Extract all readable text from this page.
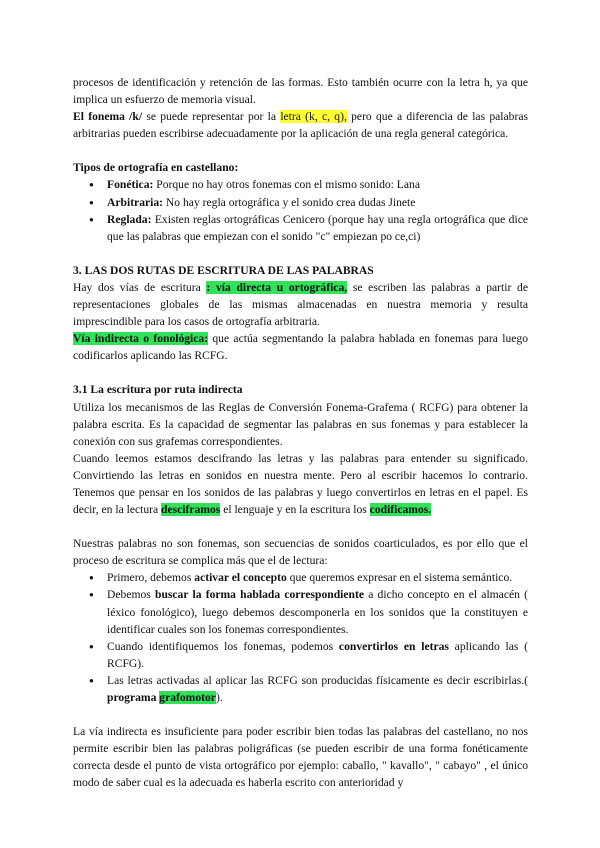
procesos de identificación y retención de las formas. Esto también ocurre con la letra h, ya que implica un esfuerzo de memoria visual.

El fonema /k/ se puede representar por la letra (k, c, q), pero que a diferencia de las palabras arbitrarias pueden escribirse adecuadamente por la aplicación de una regla general categórica.

Tipos de ortografía en castellano:

● Fonética: Porque no hay otros fonemas con el mismo sonido: Lana
● Arbitraria: No hay regla ortográfica y el sonido crea dudas Jinete
● Reglada: Existen reglas ortográficas Cenicero (porque hay una regla ortográfica que dice que las palabras que empiezan con el sonido "c" empiezan po ce,ci)

3. LAS DOS RUTAS DE ESCRITURA DE LAS PALABRAS

Hay dos vías de escritura : vía directa u ortográfica, se escriben las palabras a partir de representaciones globales de las mismas almacenadas en nuestra memoria y resulta imprescindible para los casos de ortografía arbitraria.

Vía indirecta o fonológica: que actúa segmentando la palabra hablada en fonemas para luego codificarlos aplicando las RCFG.

3.1 La escritura por ruta indirecta

Utiliza los mecanismos de las Reglas de Conversión Fonema-Grafema ( RCFG) para obtener la palabra escrita. Es la capacidad de segmentar las palabras en sus fonemas y para establecer la conexión con sus grafemas correspondientes.

Cuando leemos estamos descifrando las letras y las palabras para entender su significado. Convirtiendo las letras en sonidos en nuestra mente. Pero al escribir hacemos lo contrario. Tenemos que pensar en los sonidos de las palabras y luego convertirlos en letras en el papel. Es decir, en la lectura desciframos el lenguaje y en la escritura los codificamos.

Nuestras palabras no son fonemas, son secuencias de sonidos coarticulados, es por ello que el proceso de escritura se complica más que el de lectura:

● Primero, debemos activar el concepto que queremos expresar en el sistema semántico.
● Debemos buscar la forma hablada correspondiente a dicho concepto en el almacén ( léxico fonológico), luego debemos descomponerla en los sonidos que la constituyen e identificar cuales son los fonemas correspondientes.
● Cuando identifiquemos los fonemas, podemos convertirlos en letras aplicando las ( RCFG).
● Las letras activadas al aplicar las RCFG son producidas físicamente es decir escribirlas.( programa grafomotor).

La vía indirecta es insuficiente para poder escribir bien todas las palabras del castellano, no nos permite escribir bien las palabras poligráficas (se pueden escribir de una forma fonéticamente correcta desde el punto de vista ortográfico por ejemplo: caballo, " kavallo", " cabayo" , el único modo de saber cual es la adecuada es haberla escrito con anterioridad y
